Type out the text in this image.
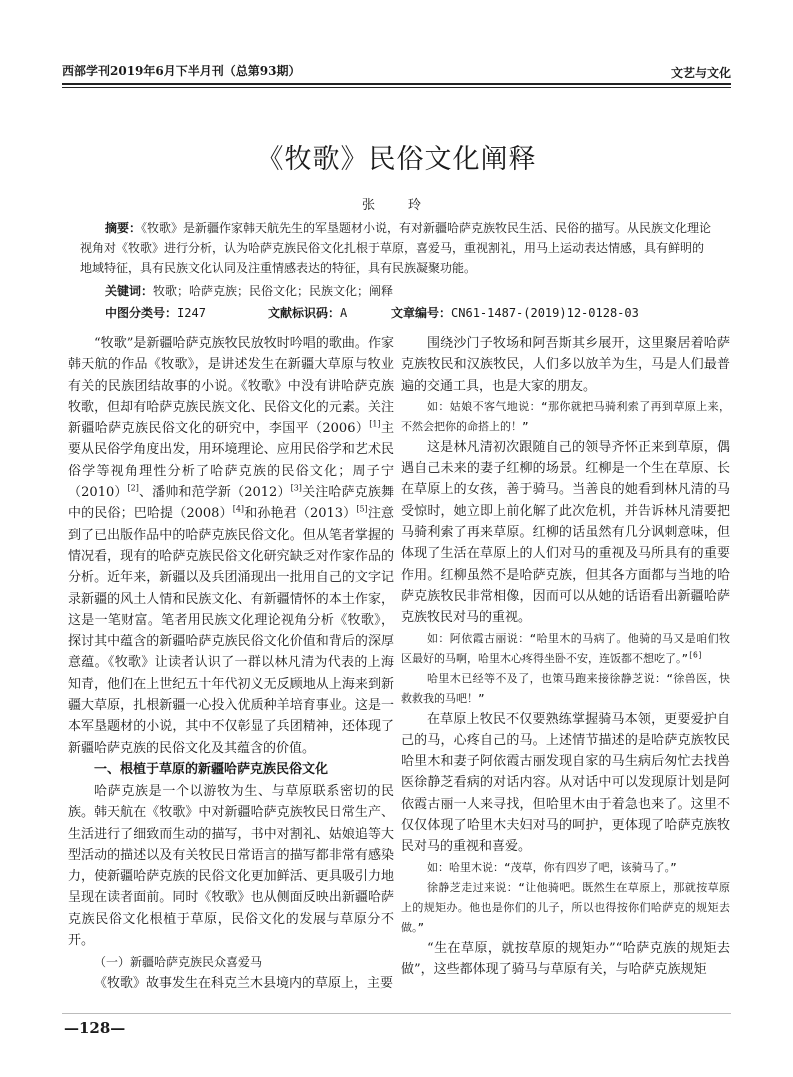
西部学刊2019年6月下半月刊（总第93期）	文艺与文化
《牧歌》民俗文化阐释
张　玲

摘要：《牧歌》是新疆作家韩天航先生的军垦题材小说，有对新疆哈萨克族牧民生活、民俗的描写。从民族文化理论视角对《牧歌》进行分析，认为哈萨克族民俗文化扎根于草原，喜爱马，重视割礼，用马上运动表达情感，具有鲜明的地域特征，具有民族文化认同及注重情感表达的特征，具有民族凝聚功能。

关键词：牧歌；哈萨克族；民俗文化；民族文化；阐释
中图分类号：I247	文献标识码：A	文章编号：CN61-1487-(2019)12-0128-03

“牧歌”是新疆哈萨克族牧民放牧时吟唱的歌曲。作家韩天航的作品《牧歌》，是讲述发生在新疆大草原与牧业有关的民族团结故事的小说。《牧歌》中没有讲哈萨克族牧歌，但却有哈萨克族民族文化、民俗文化的元素。关注新疆哈萨克族民俗文化的研究中，李国平（2006）[1]主要从民俗学角度出发，用环境理论、应用民俗学和艺术民俗学等视角理性分析了哈萨克族的民俗文化；周子宁（2010）[2]、潘帅和范学新（2012）[3]关注哈萨克族舞中的民俗；巴哈提（2008）[4]和孙艳君（2013）[5]注意到了已出版作品中的哈萨克族民俗文化。但从笔者掌握的情况看，现有的哈萨克族民俗文化研究缺乏对作家作品的分析。近年来，新疆以及兵团涌现出一批用自己的文字记录新疆的风土人情和民族文化、有新疆情怀的本土作家，这是一笔财富。笔者用民族文化理论视角分析《牧歌》，探讨其中蕴含的新疆哈萨克族民俗文化价值和背后的深厚意蕴。《牧歌》让读者认识了一群以林凡清为代表的上海知青，他们在上世纪五十年代初义无反顾地从上海来到新疆大草原，扎根新疆一心投入优质种羊培育事业。这是一本军垦题材的小说，其中不仅彰显了兵团精神，还体现了新疆哈萨克族的民俗文化及其蕴含的价值。

一、根植于草原的新疆哈萨克族民俗文化

哈萨克族是一个以游牧为生、与草原联系密切的民族。韩天航在《牧歌》中对新疆哈萨克族牧民日常生产、生活进行了细致而生动的描写，书中对割礼、姑娘追等大型活动的描述以及有关牧民日常语言的描写都非常有感染力，使新疆哈萨克族的民俗文化更加鲜活、更具吸引力地呈现在读者面前。同时《牧歌》也从侧面反映出新疆哈萨克族民俗文化根植于草原，民俗文化的发展与草原分不开。

（一）新疆哈萨克族民众喜爱马

《牧歌》故事发生在科克兰木县境内的草原上，主要

围绕沙门子牧场和阿吾斯其乡展开，这里聚居着哈萨克族牧民和汉族牧民，人们多以放羊为生，马是人们最普遍的交通工具，也是大家的朋友。

如：姑娘不客气地说：“那你就把马骑利索了再到草原上来，不然会把你的命搭上的！”

这是林凡清初次跟随自己的领导齐怀正来到草原，偶遇自己未来的妻子红柳的场景。红柳是一个生在草原、长在草原上的女孩，善于骑马。当善良的她看到林凡清的马受惊时，她立即上前化解了此次危机，并告诉林凡清要把马骑利索了再来草原。红柳的话虽然有几分讽刺意味，但体现了生活在草原上的人们对马的重视及马所具有的重要作用。红柳虽然不是哈萨克族，但其各方面都与当地的哈萨克族牧民非常相像，因而可以从她的话语看出新疆哈萨克族牧民对马的重视。

如：阿依霞古丽说：“哈里木的马病了。他骑的马又是咱们牧区最好的马啊，哈里木心疼得坐卧不安，连饭都不想吃了。”[6]

哈里木已经等不及了，也策马跑来接徐静芝说：“徐兽医，快救救我的马吧！”

在草原上牧民不仅要熟练掌握骑马本领，更要爱护自己的马，心疼自己的马。上述情节描述的是哈萨克族牧民哈里木和妻子阿依霞古丽发现自家的马生病后匆忙去找兽医徐静芝看病的对话内容。从对话中可以发现原计划是阿依霞古丽一人来寻找，但哈里木由于着急也来了。这里不仅仅体现了哈里木夫妇对马的呵护，更体现了哈萨克族牧民对马的重视和喜爱。

如：哈里木说：“茂草，你有四岁了吧，该骑马了。”

徐静芝走过来说：“让他骑吧。既然生在草原上，那就按草原上的规矩办。他也是你们的儿子，所以也得按你们哈萨克的规矩去做。”

“生在草原，就按草原的规矩办”“哈萨克族的规矩去做”，这些都体现了骑马与草原有关，与哈萨克族规矩

—128—
